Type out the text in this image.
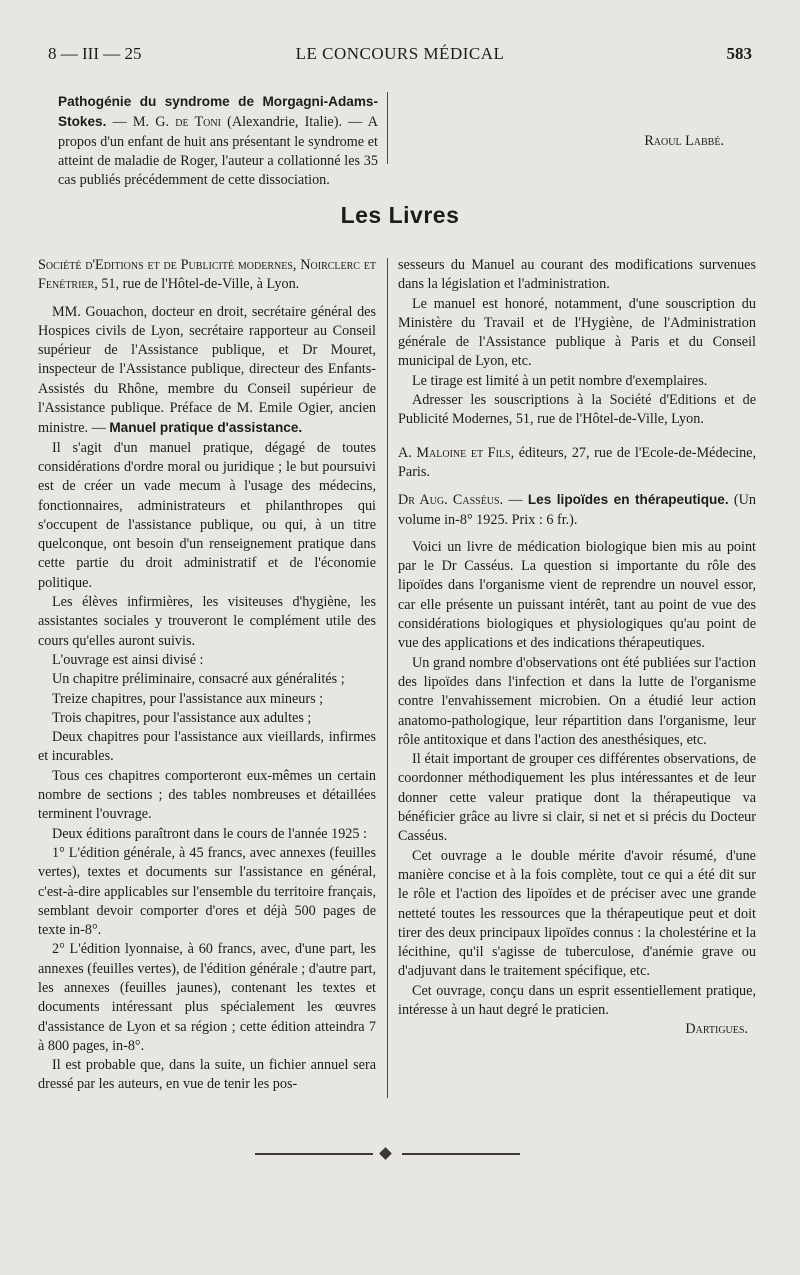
8 — III — 25	LE CONCOURS MÉDICAL	583

Pathogénie du syndrome de Morgagni-Adams-Stokes. — M. G. de Toni (Alexandrie, Italie). — A propos d'un enfant de huit ans présentant le syndrome et atteint de maladie de Roger, l'auteur a collationné les 35 cas publiés précédemment de cette dissociation.

Raoul Labbé.

Les Livres

Société d'Editions et de Publicité modernes, Noirclerc et Fenétrier, 51, rue de l'Hôtel-de-Ville, à Lyon.

MM. Gouachon, docteur en droit, secrétaire général des Hospices civils de Lyon, secrétaire rapporteur au Conseil supérieur de l'Assistance publique, et Dr Mouret, inspecteur de l'Assistance publique, directeur des Enfants-Assistés du Rhône, membre du Conseil supérieur de l'Assistance publique. Préface de M. Emile Ogier, ancien ministre. — Manuel pratique d'assistance.

Il s'agit d'un manuel pratique, dégagé de toutes considérations d'ordre moral ou juridique ; le but poursuivi est de créer un vade mecum à l'usage des médecins, fonctionnaires, administrateurs et philanthropes qui s'occupent de l'assistance publique, ou qui, à un titre quelconque, ont besoin d'un renseignement pratique dans cette partie du droit administratif et de l'économie politique.

Les élèves infirmières, les visiteuses d'hygiène, les assistantes sociales y trouveront le complément utile des cours qu'elles auront suivis.

L'ouvrage est ainsi divisé :

Un chapitre préliminaire, consacré aux généralités ;

Treize chapitres, pour l'assistance aux mineurs ;

Trois chapitres, pour l'assistance aux adultes ;

Deux chapitres pour l'assistance aux vieillards, infirmes et incurables.

Tous ces chapitres comporteront eux-mêmes un certain nombre de sections ; des tables nombreuses et détaillées terminent l'ouvrage.

Deux éditions paraîtront dans le cours de l'année 1925 :

1° L'édition générale, à 45 francs, avec annexes (feuilles vertes), textes et documents sur l'assistance en général, c'est-à-dire applicables sur l'ensemble du territoire français, semblant devoir comporter d'ores et déjà 500 pages de texte in-8°.

2° L'édition lyonnaise, à 60 francs, avec, d'une part, les annexes (feuilles vertes), de l'édition générale ; d'autre part, les annexes (feuilles jaunes), contenant les textes et documents intéressant plus spécialement les œuvres d'assistance de Lyon et sa région ; cette édition atteindra 7 à 800 pages, in-8°.

Il est probable que, dans la suite, un fichier annuel sera dressé par les auteurs, en vue de tenir les pos-

sesseurs du Manuel au courant des modifications survenues dans la législation et l'administration.

Le manuel est honoré, notamment, d'une souscription du Ministère du Travail et de l'Hygiène, de l'Administration générale de l'Assistance publique à Paris et du Conseil municipal de Lyon, etc.

Le tirage est limité à un petit nombre d'exemplaires.

Adresser les souscriptions à la Société d'Editions et de Publicité Modernes, 51, rue de l'Hôtel-de-Ville, Lyon.

A. Maloine et Fils, éditeurs, 27, rue de l'Ecole-de-Médecine, Paris.

Dr Aug. Casséus. — Les lipoïdes en thérapeutique. (Un volume in-8° 1925. Prix : 6 fr.).

Voici un livre de médication biologique bien mis au point par le Dr Casséus. La question si importante du rôle des lipoïdes dans l'organisme vient de reprendre un nouvel essor, car elle présente un puissant intérêt, tant au point de vue des considérations biologiques et physiologiques qu'au point de vue des applications et des indications thérapeutiques.

Un grand nombre d'observations ont été publiées sur l'action des lipoïdes dans l'infection et dans la lutte de l'organisme contre l'envahissement microbien. On a étudié leur action anatomo-pathologique, leur répartition dans l'organisme, leur rôle antitoxique et dans l'action des anesthésiques, etc.

Il était important de grouper ces différentes observations, de coordonner méthodiquement les plus intéressantes et de leur donner cette valeur pratique dont la thérapeutique va bénéficier grâce au livre si clair, si net et si précis du Docteur Casséus.

Cet ouvrage a le double mérite d'avoir résumé, d'une manière concise et à la fois complète, tout ce qui a été dit sur le rôle et l'action des lipoïdes et de préciser avec une grande netteté toutes les ressources que la thérapeutique peut et doit tirer des deux principaux lipoïdes connus : la cholestérine et la lécithine, qu'il s'agisse de tuberculose, d'anémie grave ou d'adjuvant dans le traitement spécifique, etc.

Cet ouvrage, conçu dans un esprit essentiellement pratique, intéresse à un haut degré le praticien.

Dartigues.
